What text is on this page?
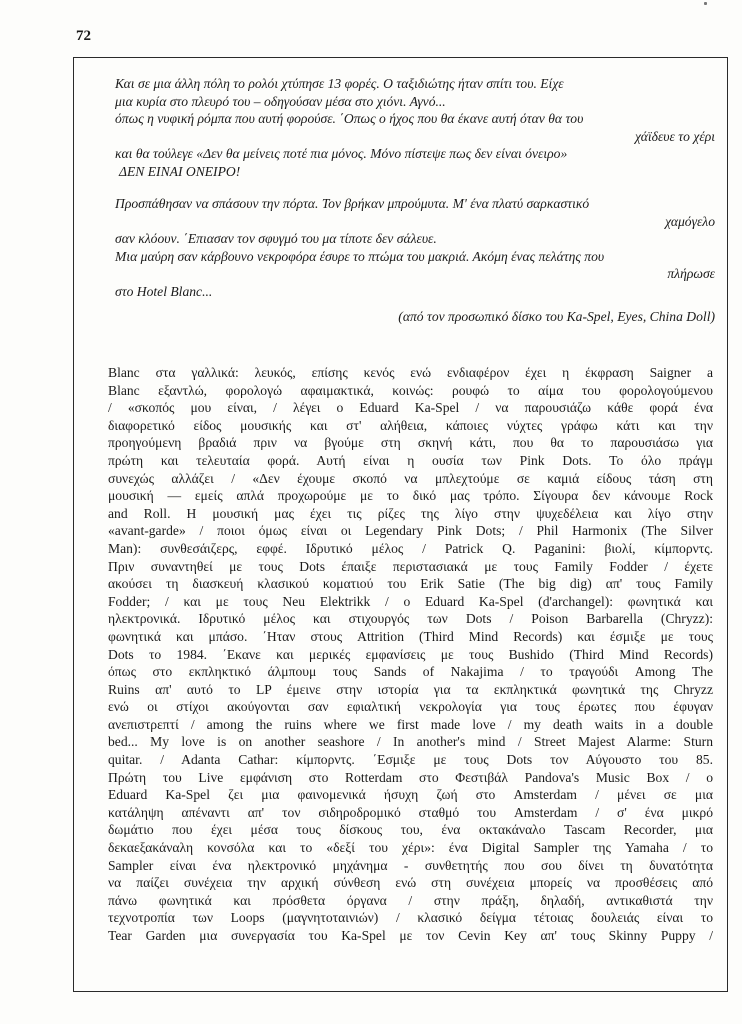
72
Και σε μια άλλη πόλη το ρολόι χτύπησε 13 φορές. Ο ταξιδιώτης ήταν σπίτι του. Είχε
μια κυρία στο πλευρό του – οδηγούσαν μέσα στο χιόνι. Αγνό...
όπως η νυφική ρόμπα που αυτή φορούσε. ΄Οπως ο ήχος που θα έκανε αυτή όταν θα του
χάϊδευε το χέρι
και θα τούλεγε «Δεν θα μείνεις ποτέ πια μόνος. Μόνο πίστεψε πως δεν είναι όνειρο»
ΔΕΝ ΕΙΝΑΙ ΟΝΕΙΡΟ!
Προσπάθησαν να σπάσουν την πόρτα. Τον βρήκαν μπρούμυτα. Μ' ένα πλατύ σαρκαστικό
χαμόγελο
σαν κλόουν. ΄Επιασαν τον σφυγμό του μα τίποτε δεν σάλευε.
Μια μαύρη σαν κάρβουνο νεκροφόρα έσυρε το πτώμα του μακριά. Ακόμη ένας πελάτης που
πλήρωσε
στο Hotel Blanc...
(από τον προσωπικό δίσκο του Ka-Spel, Eyes, China Doll)
Blanc στα γαλλικά: λευκός, επίσης κενός ενώ ενδιαφέρον έχει η έκφραση Saigner a
Blanc εξαντλώ, φορολογώ αφαιμακτικά, κοινώς: ρουφώ το αίμα του φορολογούμενου
/ «σκοπός μου είναι, / λέγει ο Eduard Ka-Spel / να παρουσιάζω κάθε φορά ένα
διαφορετικό είδος μουσικής και στ' αλήθεια, κάποιες νύχτες γράφω κάτι και την
προηγούμενη βραδιά πριν να βγούμε στη σκηνή κάτι, που θα το παρουσιάσω για
πρώτη και τελευταία φορά. Αυτή είναι η ουσία των Pink Dots. Το όλο πράγμ
συνεχώς αλλάζει / «Δεν έχουμε σκοπό να μπλεχτούμε σε καμιά είδους τάση στη
μουσική — εμείς απλά προχωρούμε με το δικό μας τρόπο. Σίγουρα δεν κάνουμε Rock
and Roll. Η μουσική μας έχει τις ρίζες της λίγο στην ψυχεδέλεια και λίγο στην
«avant-garde» / ποιοι όμως είναι οι Legendary Pink Dots; / Phil Harmonix (The Silver
Man): συνθεσάιζερς, εφφέ. Ιδρυτικό μέλος / Patrick Q. Paganini: βιολί, κίμπορντς.
Πριν συναντηθεί με τους Dots έπαιξε περιστασιακά με τους Family Fodder / έχετε
ακούσει τη διασκευή κλασικού κοματιού του Erik Satie (The big dig) απ' τους Family
Fodder; / και με τους Neu Elektrikk / ο Eduard Ka-Spel (d'archangel): φωνητικά και
ηλεκτρονικά. Ιδρυτικό μέλος και στιχουργός των Dots / Poison Barbarella (Chryzz):
φωνητικά και μπάσο. ΄Ηταν στους Attrition (Third Mind Records) και έσμιξε με τους
Dots το 1984. ΄Εκανε και μερικές εμφανίσεις με τους Bushido (Third Mind Records)
όπως στο εκπληκτικό άλμπουμ τους Sands of Nakajima / το τραγούδι Among The
Ruins απ' αυτό το LP έμεινε στην ιστορία για τα εκπληκτικά φωνητικά της Chryzz
ενώ οι στίχοι ακούγονται σαν εφιαλτική νεκρολογία για τους έρωτες που έφυγαν
ανεπιστρεπτί / among the ruins where we first made love / my death waits in a double
bed... My love is on another seashore / In another's mind / Street Majest Alarme: Sturn
quitar. / Adanta Cathar: κίμπορντς. ΄Εσμιξε με τους Dots τον Αύγουστο του 85.
Πρώτη του Live εμφάνιση στο Rotterdam στο Φεστιβάλ Pandova's Music Box / ο
Eduard Ka-Spel ζει μια φαινομενικά ήσυχη ζωή στο Amsterdam / μένει σε μια
κατάληψη απέναντι απ' τον σιδηροδρομικό σταθμό του Amsterdam / σ' ένα μικρό
δωμάτιο που έχει μέσα τους δίσκους του, ένα οκτακάναλο Tascam Recorder, μια
δεκαεξακάναλη κονσόλα και το «δεξί του χέρι»: ένα Digital Sampler της Yamaha / το
Sampler είναι ένα ηλεκτρονικό μηχάνημα - συνθετητής που σου δίνει τη δυνατότητα
να παίζει συνέχεια την αρχική σύνθεση ενώ στη συνέχεια μπορείς να προσθέσεις από
πάνω φωνητικά και πρόσθετα όργανα / στην πράξη, δηλαδή, αντικαθιστά την
τεχνοτροπία των Loops (μαγνητοταινιών) / κλασικό δείγμα τέτοιας δουλειάς είναι το
Tear Garden μια συνεργασία του Ka-Spel με τον Cevin Key απ' τους Skinny Puppy /
